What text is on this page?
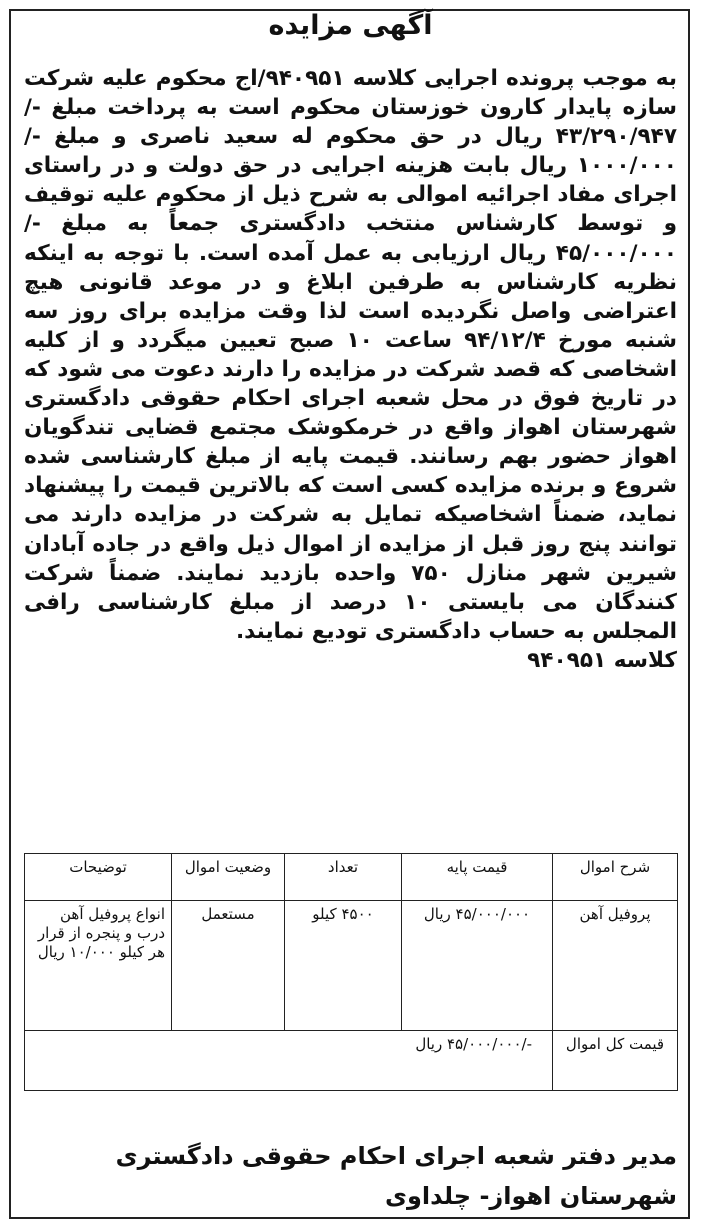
آگهی مزایده

به موجب پرونده اجرایی کلاسه ۹۴۰۹۵۱/اج محکوم علیه شرکت سازه پایدار کارون خوزستان محکوم است به پرداخت مبلغ -/۴۳/۲۹۰/۹۴۷ ریال در حق محکوم له سعید ناصری و مبلغ -/۱۰۰۰/۰۰۰ ریال بابت هزینه اجرایی در حق دولت و در راستای اجرای مفاد اجرائیه اموالی به شرح ذیل از محکوم علیه توقیف و توسط کارشناس منتخب دادگستری جمعاً به مبلغ -/۴۵/۰۰۰/۰۰۰ ریال ارزیابی به عمل آمده است. با توجه به اینکه نظریه کارشناس به طرفین ابلاغ و در موعد قانونی هیچ اعتراضی واصل نگردیده است لذا وقت مزایده برای روز سه شنبه مورخ ۹۴/۱۲/۴ ساعت ۱۰ صبح تعیین میگردد و از کلیه اشخاصی که قصد شرکت در مزایده را دارند دعوت می شود که در تاریخ فوق در محل شعبه اجرای احکام حقوقی دادگستری شهرستان اهواز واقع در خرمکوشک مجتمع قضایی تندگویان اهواز حضور بهم رسانند. قیمت پایه از مبلغ کارشناسی شده شروع و برنده مزایده کسی است که بالاترین قیمت را پیشنهاد نماید، ضمناً اشخاصیکه تمایل به شرکت در مزایده دارند می توانند پنج روز قبل از مزایده از اموال ذیل واقع در جاده آبادان شیرین شهر منازل ۷۵۰ واحده بازدید نمایند. ضمناً شرکت کنندگان می بایستی ۱۰ درصد از مبلغ کارشناسی رافی المجلس به حساب دادگستری تودیع نمایند.

کلاسه ۹۴۰۹۵۱

شرح اموال	قیمت پایه	تعداد	وضعیت اموال	توضیحات
پروفیل آهن	۴۵/۰۰۰/۰۰۰ ریال	۴۵۰۰ کیلو	مستعمل	انواع پروفیل آهن درب و پنجره از قرار هر کیلو ۱۰/۰۰۰ ریال
قیمت کل اموال	-/۴۵/۰۰۰/۰۰۰ ریال			
مدیر دفتر شعبه اجرای احکام حقوقی دادگستری شهرستان اهواز- چلداوی
